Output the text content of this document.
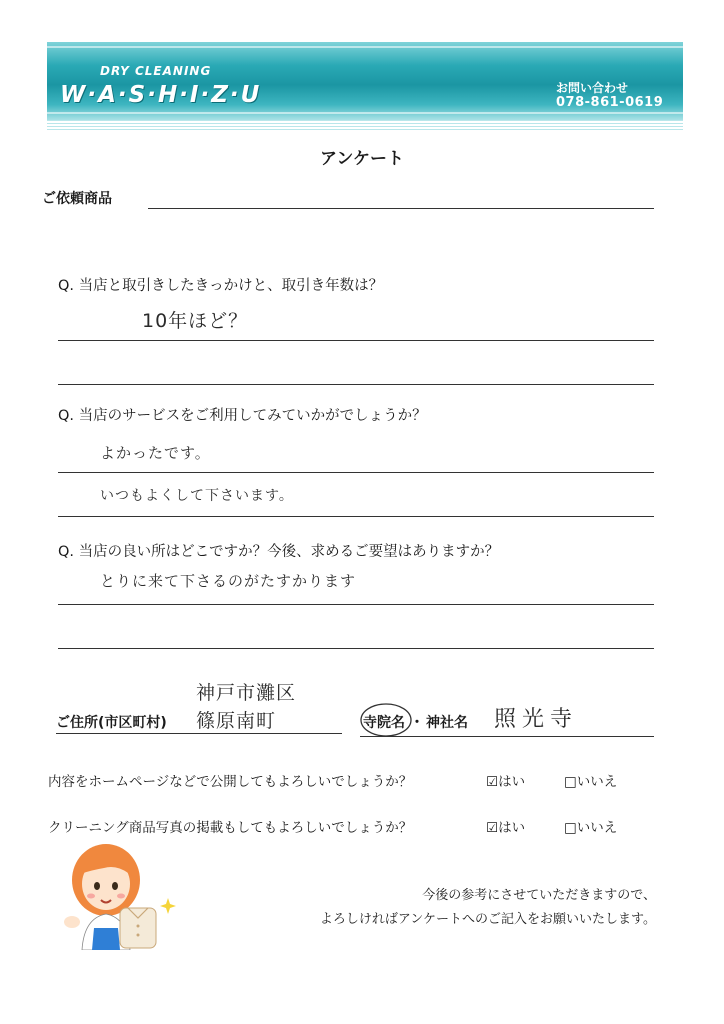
DRY CLEANING
W·A·S·H·I·Z·U	お問い合わせ
078-861-0619
アンケート
ご依頼商品
Q. 当店と取引きしたきっかけと、取引き年数は？
10年ほど？
Q. 当店のサービスをご利用してみていかがでしょうか？
よかったです。
いつもよくして下さいます。
Q. 当店の良い所はどこですか？今後、求めるご要望はありますか？
とりに来て下さるのがたすかります
ご住所(市区町村)
神戸市灘区
篠原南町	寺院名 ・ 神社名 照光寺
内容をホームページなどで公開してもよろしいでしょうか？	☑はい	□いいえ
クリーニング商品写真の掲載もしてもよろしいでしょうか？	☑はい	□いいえ
今後の参考にさせていただきますので、
よろしければアンケートへのご記入をお願いいたします。
